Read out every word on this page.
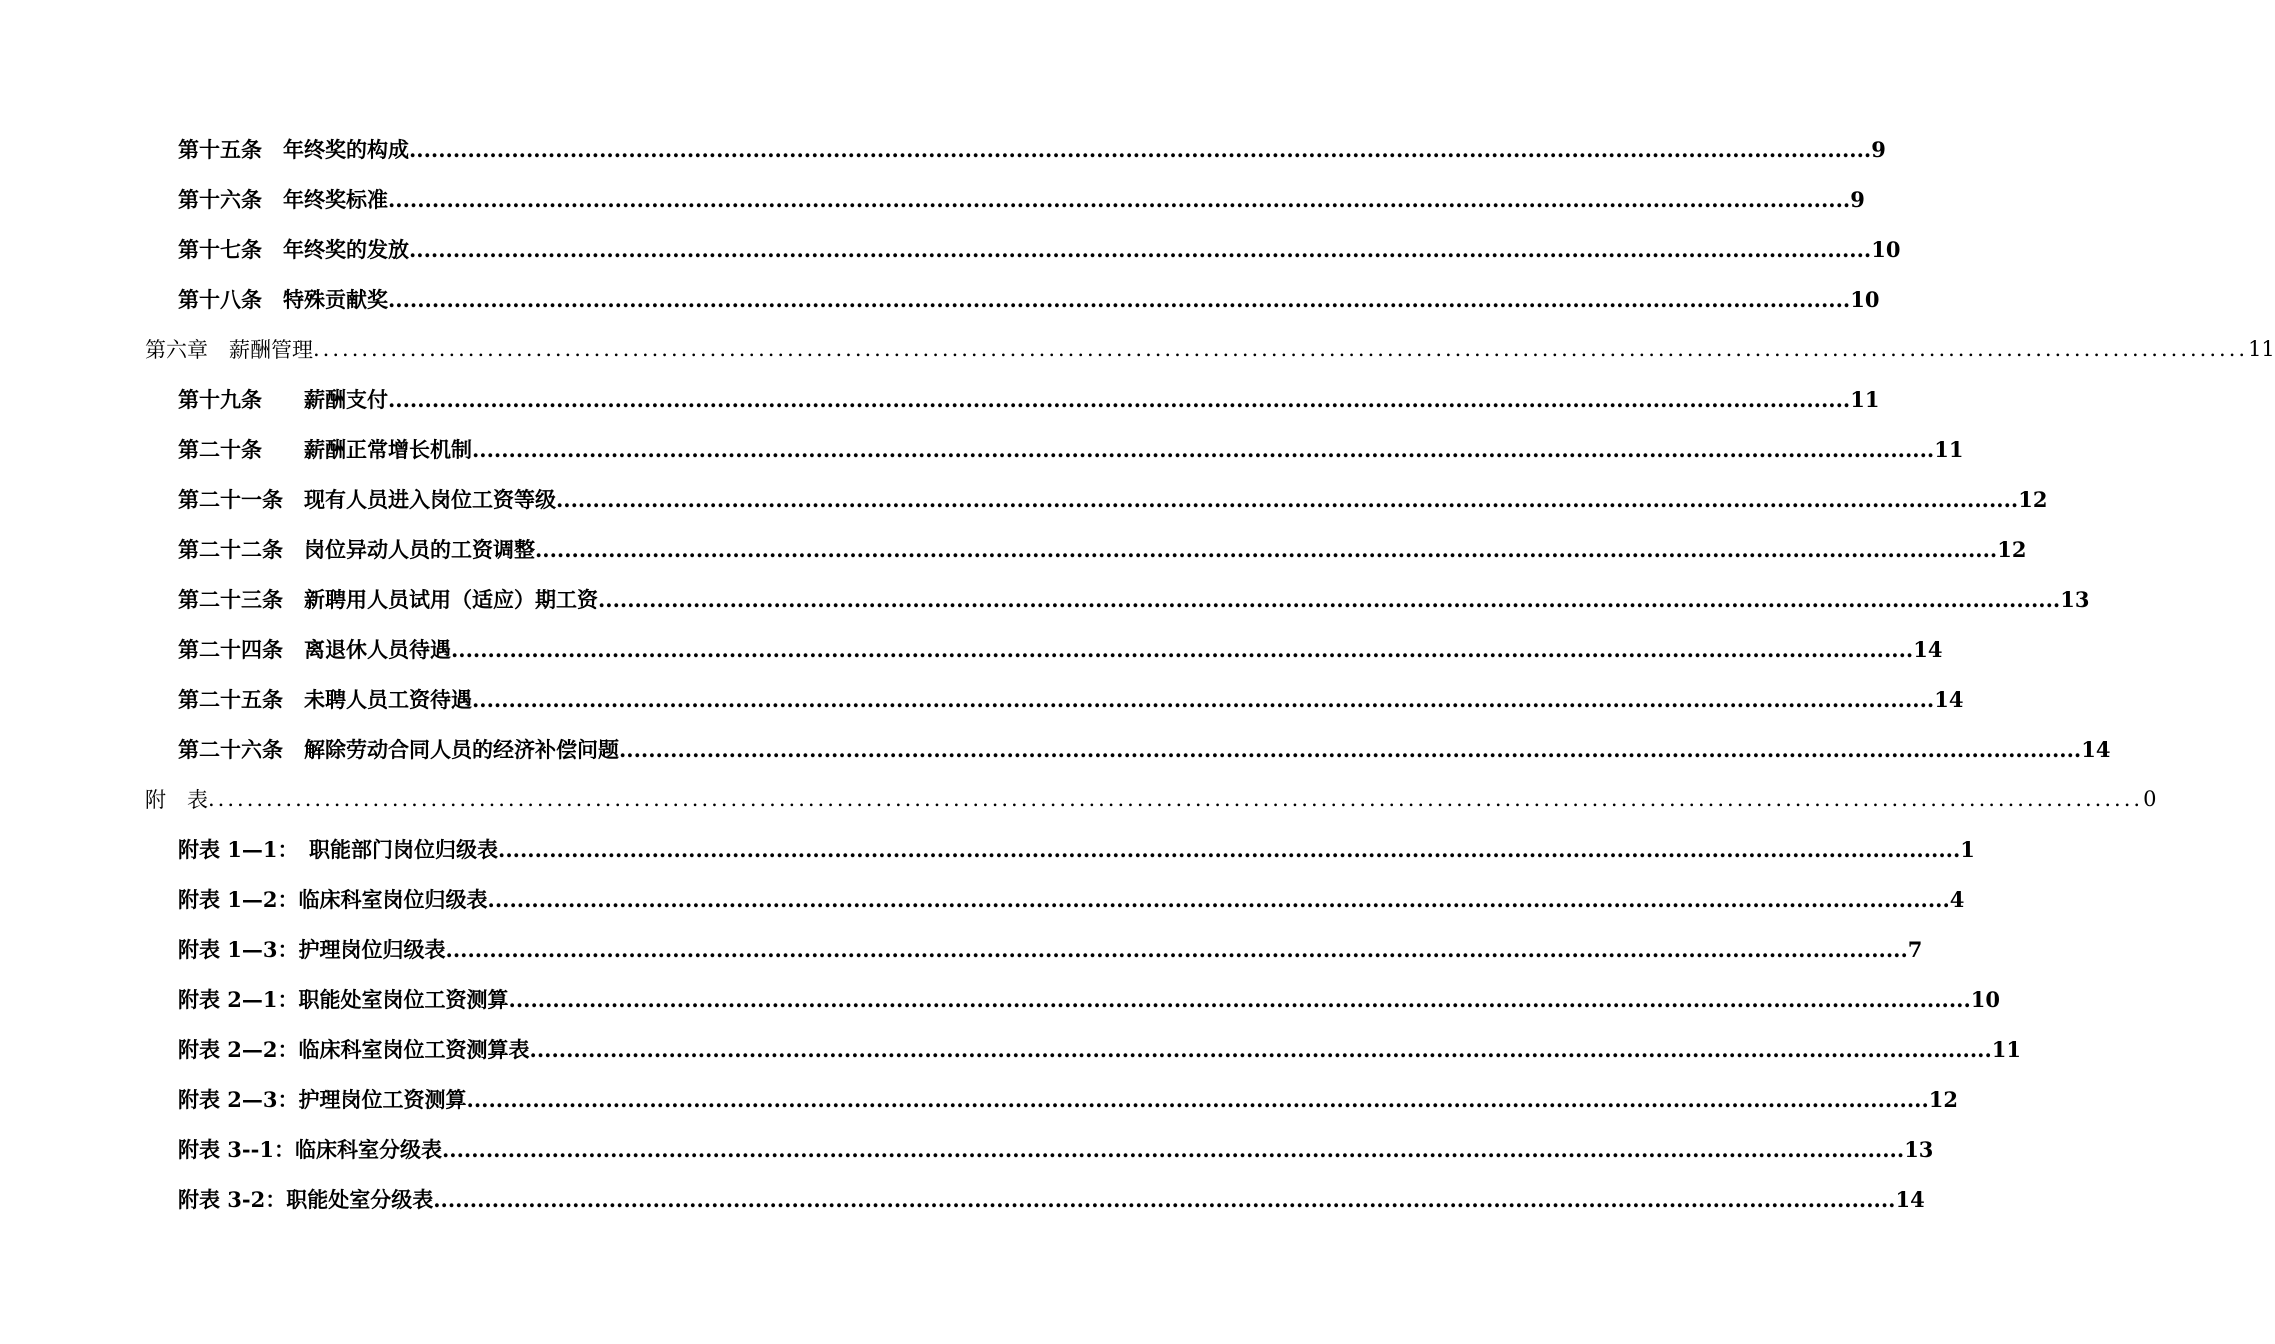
第十五条　年终奖的构成 ........................................................................................................................................................................................................ 9
第十六条　年终奖标准 ........................................................................................................................................................................................................ 9
第十七条　年终奖的发放 ........................................................................................................................................................................................................ 10
第十八条　特殊贡献奖 ........................................................................................................................................................................................................ 10
第六章　薪酬管理 ........................................................................................................................................................................................................ 11
第十九条　　薪酬支付 ........................................................................................................................................................................................................ 11
第二十条　　薪酬正常增长机制 ........................................................................................................................................................................................................ 11
第二十一条　现有人员进入岗位工资等级 ........................................................................................................................................................................................................ 12
第二十二条　岗位异动人员的工资调整 ........................................................................................................................................................................................................ 12
第二十三条　新聘用人员试用（适应）期工资 ........................................................................................................................................................................................................ 13
第二十四条　离退休人员待遇 ........................................................................................................................................................................................................ 14
第二十五条　未聘人员工资待遇 ........................................................................................................................................................................................................ 14
第二十六条　解除劳动合同人员的经济补偿问题 ........................................................................................................................................................................................................ 14
附　表 ........................................................................................................................................................................................................ 0
附表 1—1：　职能部门岗位归级表 ........................................................................................................................................................................................................ 1
附表 1—2：临床科室岗位归级表 ........................................................................................................................................................................................................ 4
附表 1—3：护理岗位归级表 ........................................................................................................................................................................................................ 7
附表 2—1：职能处室岗位工资测算 ........................................................................................................................................................................................................ 10
附表 2—2：临床科室岗位工资测算表 ........................................................................................................................................................................................................ 11
附表 2—3：护理岗位工资测算 ........................................................................................................................................................................................................ 12
附表 3--1：临床科室分级表 ........................................................................................................................................................................................................ 13
附表 3-2：职能处室分级表 ........................................................................................................................................................................................................ 14
